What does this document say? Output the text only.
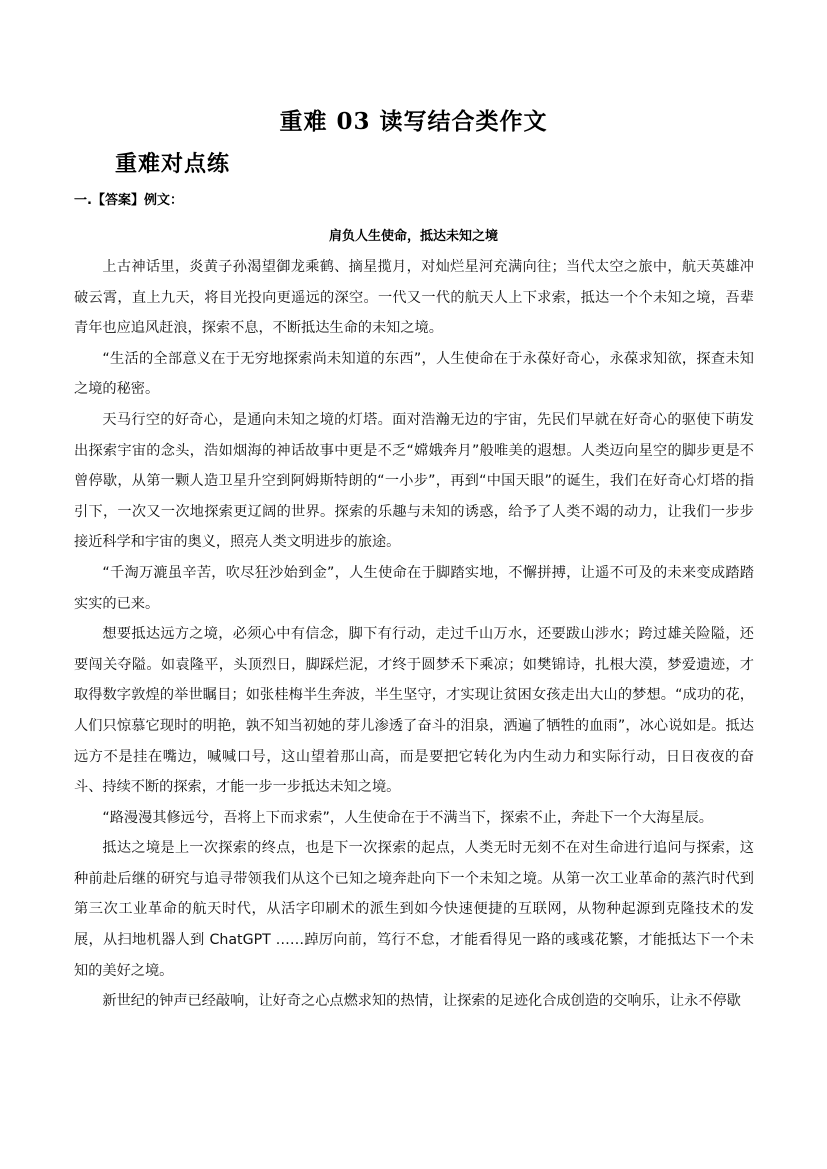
重难 03 读写结合类作文
重难对点练
一.【答案】例文：
肩负人生使命，抵达未知之境

上古神话里，炎黄子孙渴望御龙乘鹤、摘星揽月，对灿烂星河充满向往；当代太空之旅中，航天英雄冲破云霄，直上九天，将目光投向更遥远的深空。一代又一代的航天人上下求索，抵达一个个未知之境，吾辈青年也应追风赶浪，探索不息，不断抵达生命的未知之境。

“生活的全部意义在于无穷地探索尚未知道的东西”，人生使命在于永葆好奇心，永葆求知欲，探查未知之境的秘密。

天马行空的好奇心，是通向未知之境的灯塔。面对浩瀚无边的宇宙，先民们早就在好奇心的驱使下萌发出探索宇宙的念头，浩如烟海的神话故事中更是不乏“嫦娥奔月”般唯美的遐想。人类迈向星空的脚步更是不曾停歇，从第一颗人造卫星升空到阿姆斯特朗的“一小步”，再到“中国天眼”的诞生，我们在好奇心灯塔的指引下，一次又一次地探索更辽阔的世界。探索的乐趣与未知的诱惑，给予了人类不竭的动力，让我们一步步接近科学和宇宙的奥义，照亮人类文明进步的旅途。

“千淘万漉虽辛苦，吹尽狂沙始到金”，人生使命在于脚踏实地，不懈拼搏，让遥不可及的未来变成踏踏实实的已来。

想要抵达远方之境，必须心中有信念，脚下有行动，走过千山万水，还要跋山涉水；跨过雄关险隘，还要闯关夺隘。如袁隆平，头顶烈日，脚踩烂泥，才终于圆梦禾下乘凉；如樊锦诗，扎根大漠，梦爱遗迹，才取得数字敦煌的举世瞩目；如张桂梅半生奔波，半生坚守，才实现让贫困女孩走出大山的梦想。“成功的花，人们只惊慕它现时的明艳，孰不知当初她的芽儿渗透了奋斗的泪泉，洒遍了牺牲的血雨”，冰心说如是。抵达远方不是挂在嘴边，喊喊口号，这山望着那山高，而是要把它转化为内生动力和实际行动，日日夜夜的奋斗、持续不断的探索，才能一步一步抵达未知之境。

“路漫漫其修远兮，吾将上下而求索”，人生使命在于不满当下，探索不止，奔赴下一个大海星辰。

抵达之境是上一次探索的终点，也是下一次探索的起点，人类无时无刻不在对生命进行追问与探索，这种前赴后继的研究与追寻带领我们从这个已知之境奔赴向下一个未知之境。从第一次工业革命的蒸汽时代到第三次工业革命的航天时代，从活字印刷术的派生到如今快速便捷的互联网，从物种起源到克隆技术的发展，从扫地机器人到 ChatGPT ……踔厉向前，笃行不怠，才能看得见一路的彧彧花繁，才能抵达下一个未知的美好之境。

新世纪的钟声已经敲响，让好奇之心点燃求知的热情，让探索的足迹化合成创造的交响乐，让永不停歇
